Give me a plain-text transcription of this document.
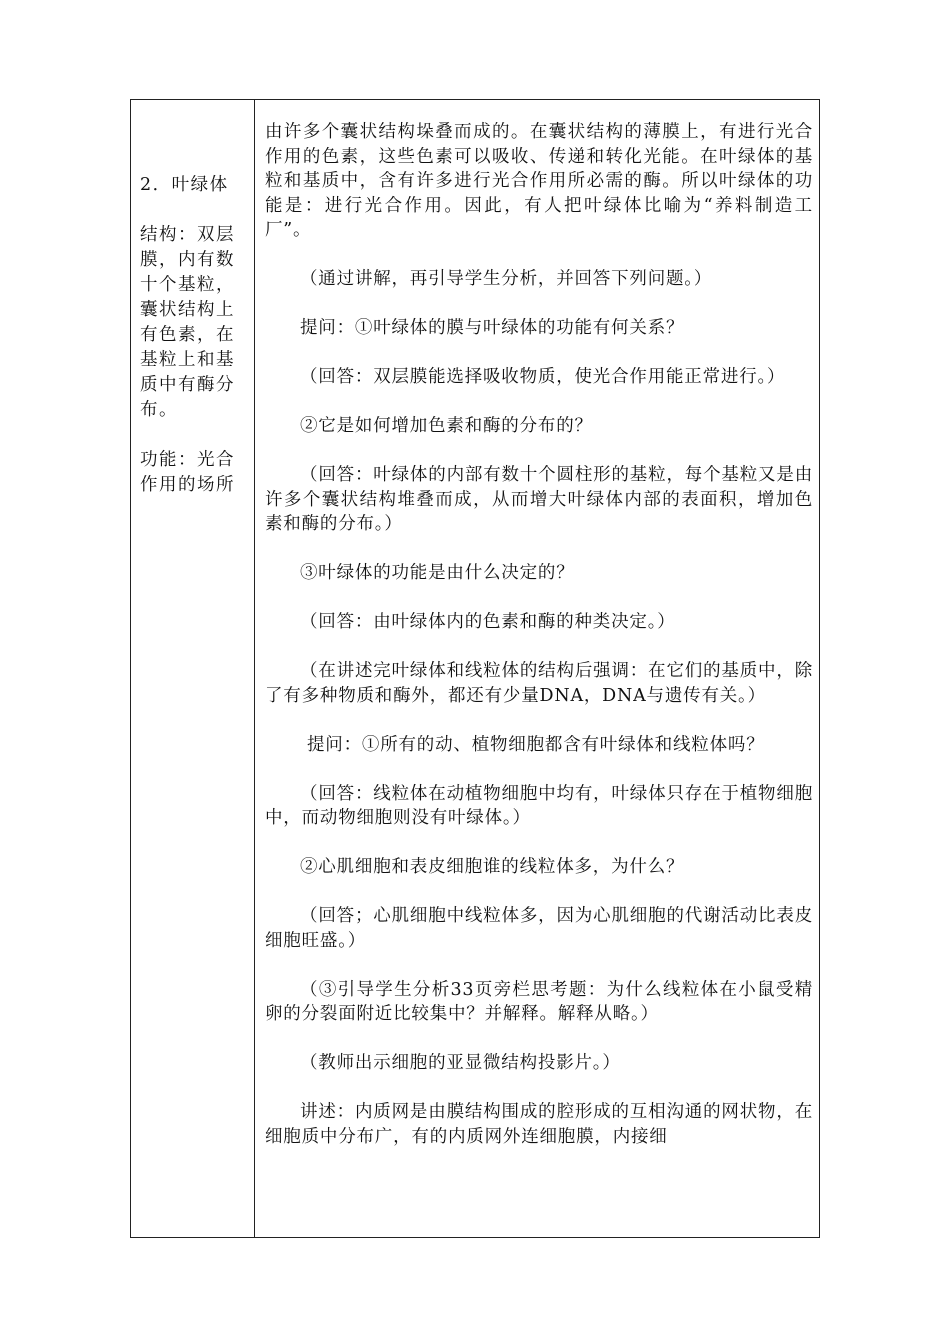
2．叶绿体

结构：双层膜，内有数十个基粒，囊状结构上有色素，在基粒上和基质中有酶分布。

功能：光合作用的场所

由许多个囊状结构垛叠而成的。在囊状结构的薄膜上，有进行光合作用的色素，这些色素可以吸收、传递和转化光能。在叶绿体的基粒和基质中，含有许多进行光合作用所必需的酶。所以叶绿体的功能是：进行光合作用。因此，有人把叶绿体比喻为“养料制造工厂”。

（通过讲解，再引导学生分析，并回答下列问题。）

提问：①叶绿体的膜与叶绿体的功能有何关系？

（回答：双层膜能选择吸收物质，使光合作用能正常进行。）

②它是如何增加色素和酶的分布的？

（回答：叶绿体的内部有数十个圆柱形的基粒，每个基粒又是由许多个囊状结构堆叠而成，从而增大叶绿体内部的表面积，增加色素和酶的分布。）

③叶绿体的功能是由什么决定的？

（回答：由叶绿体内的色素和酶的种类决定。）

（在讲述完叶绿体和线粒体的结构后强调：在它们的基质中，除了有多种物质和酶外，都还有少量DNA，DNA与遗传有关。）

提问：①所有的动、植物细胞都含有叶绿体和线粒体吗？

（回答：线粒体在动植物细胞中均有，叶绿体只存在于植物细胞中，而动物细胞则没有叶绿体。）

②心肌细胞和表皮细胞谁的线粒体多，为什么？

（回答；心肌细胞中线粒体多，因为心肌细胞的代谢活动比表皮细胞旺盛。）

（③引导学生分析33页旁栏思考题：为什么线粒体在小鼠受精卵的分裂面附近比较集中？并解释。解释从略。）

（教师出示细胞的亚显微结构投影片。）

讲述：内质网是由膜结构围成的腔形成的互相沟通的网状物，在细胞质中分布广，有的内质网外连细胞膜，内接细
